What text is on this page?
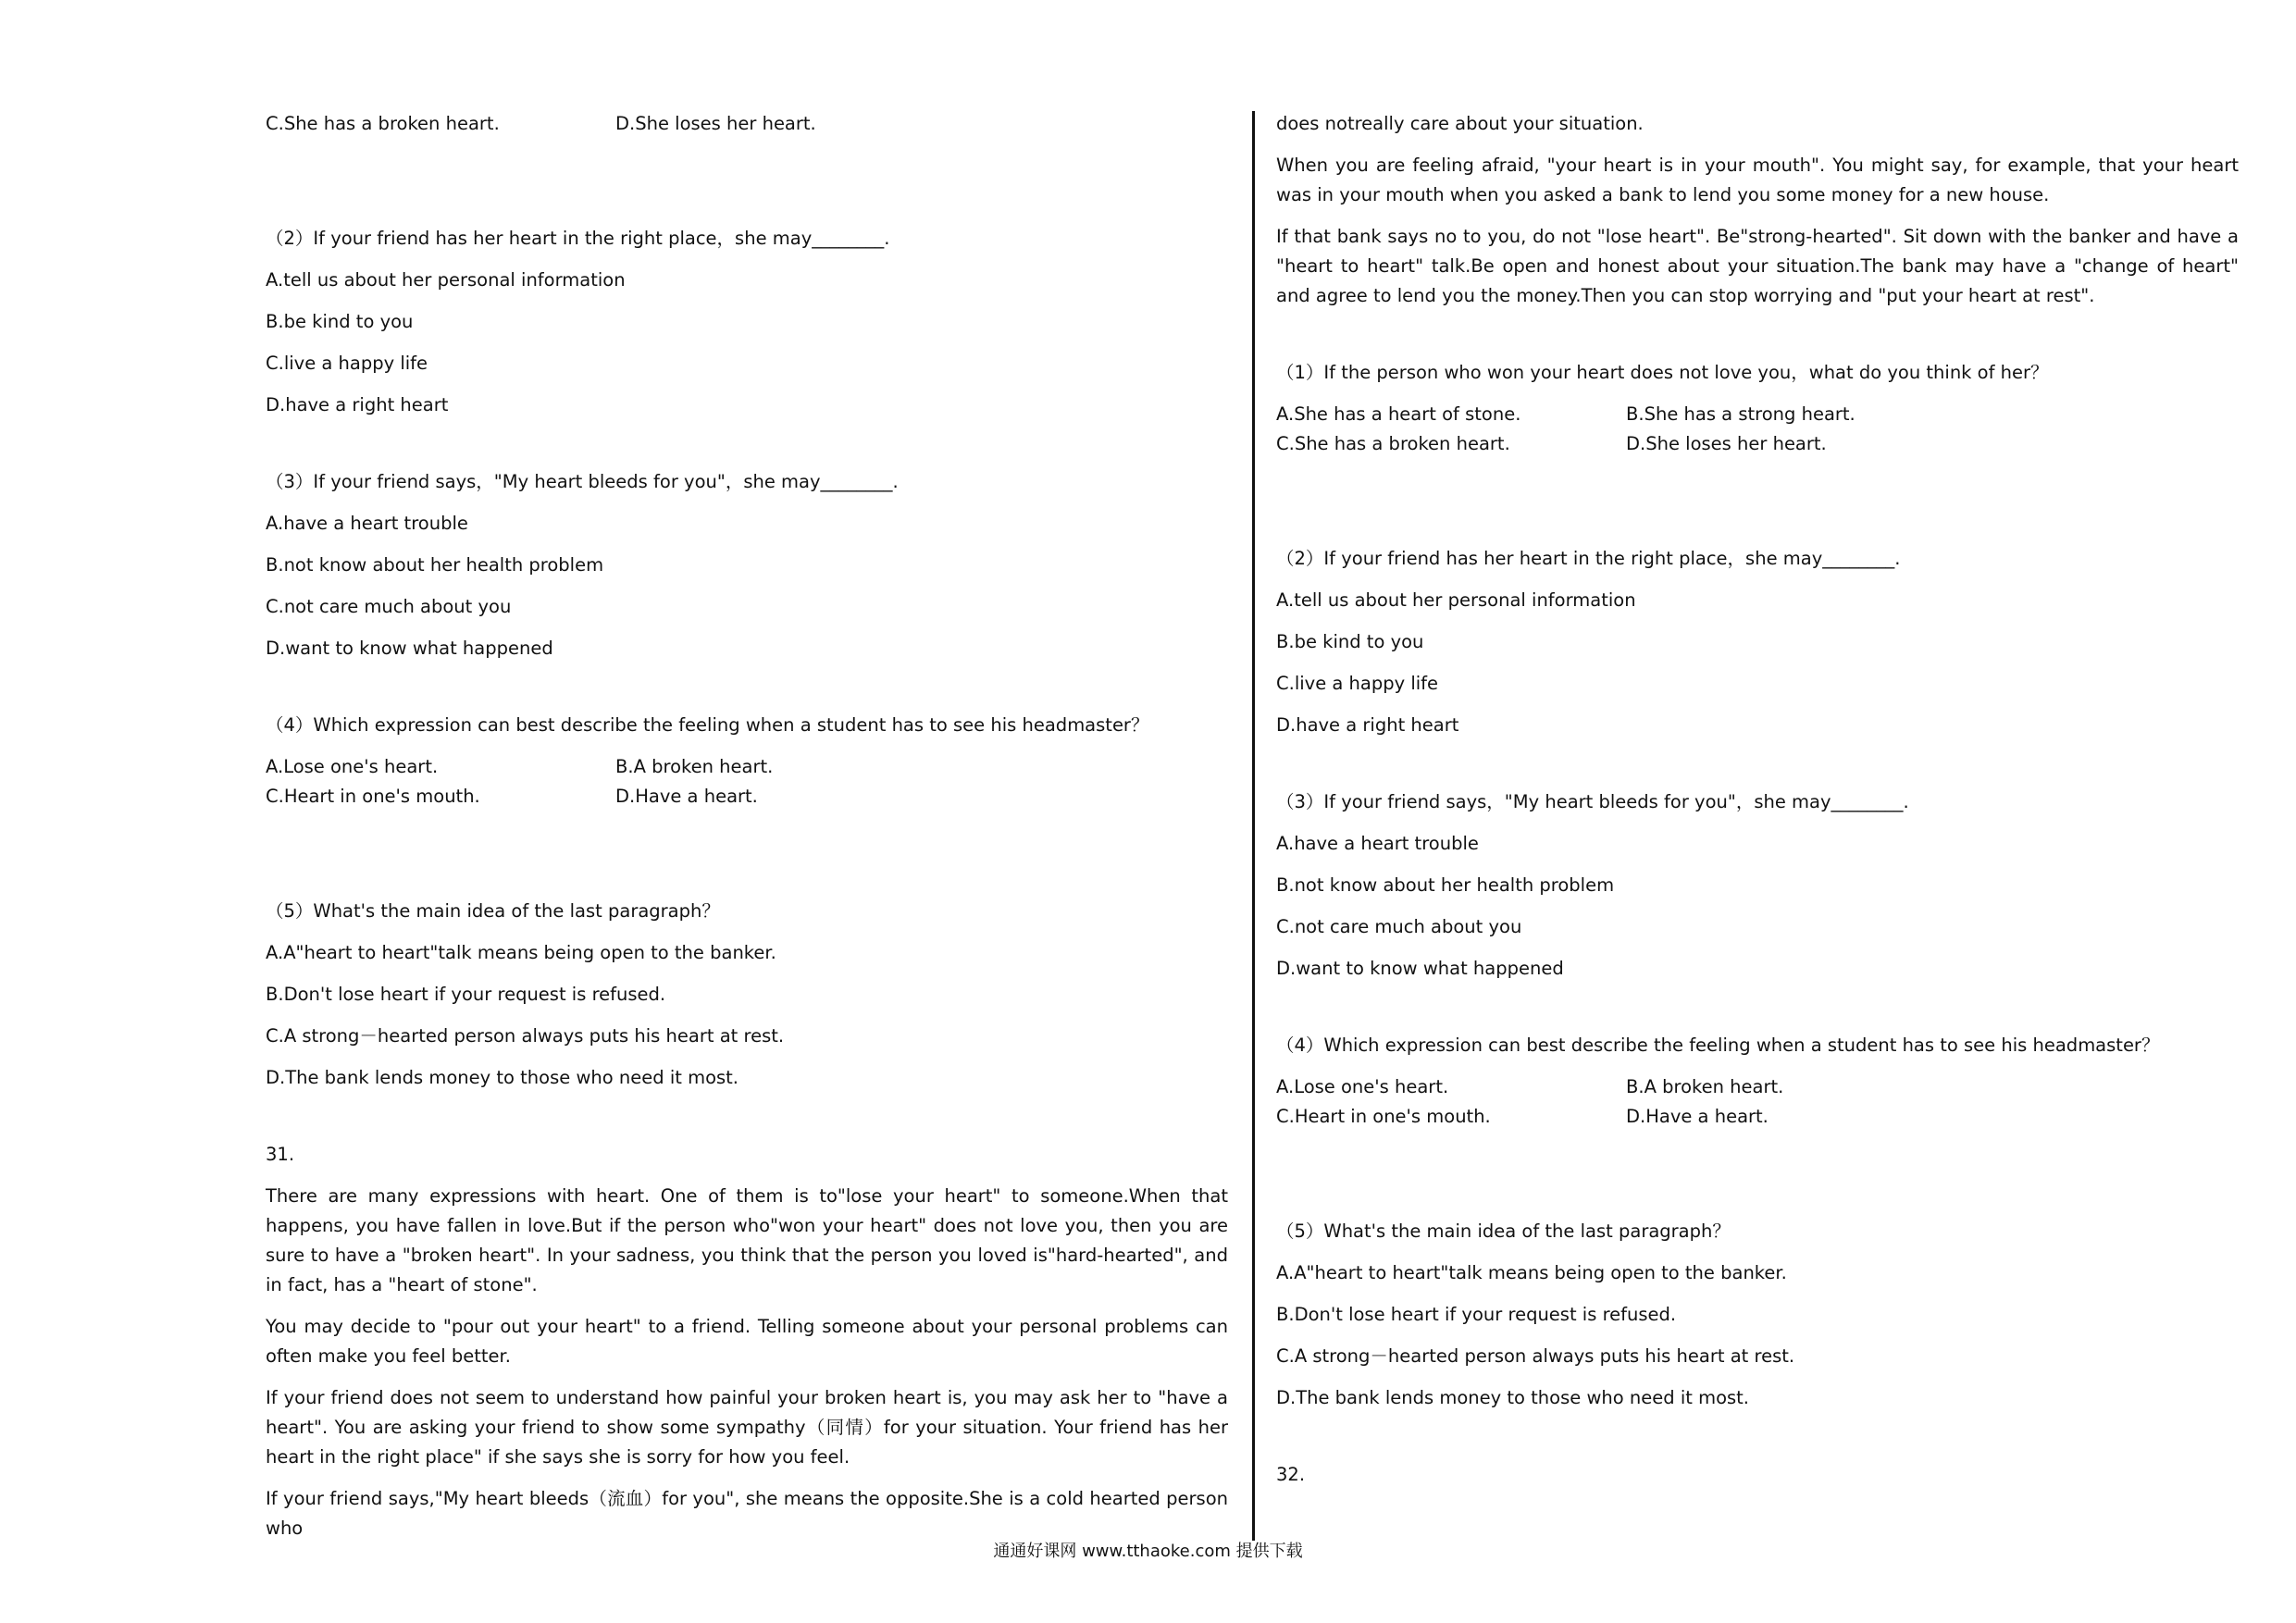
C.She has a broken heart.	D.She loses her heart.

（2）If your friend has her heart in the right place，she may________.

A.tell us about her personal information

B.be kind to you

C.live a happy life

D.have a right heart

（3）If your friend says，"My heart bleeds for you"，she may________.

A.have a heart trouble

B.not know about her health problem

C.not care much about you

D.want to know what happened

（4）Which expression can best describe the feeling when a student has to see his headmaster？

A.Lose one's heart.	B.A broken heart.
C.Heart in one's mouth.	D.Have a heart.

（5）What's the main idea of the last paragraph？

A.A"heart to heart"talk means being open to the banker.

B.Don't lose heart if your request is refused.

C.A strong－hearted person always puts his heart at rest.

D.The bank lends money to those who need it most.

31.

There are many expressions with heart. One of them is to"lose your heart" to someone.When that happens, you have fallen in love.But if the person who"won your heart" does not love you, then you are sure to have a "broken heart". In your sadness, you think that the person you loved is"hard-hearted", and in fact, has a "heart of stone".

You may decide to "pour out your heart" to a friend. Telling someone about your personal problems can often make you feel better.

If your friend does not seem to understand how painful your broken heart is, you may ask her to "have a heart". You are asking your friend to show some sympathy（同情）for your situation. Your friend has her heart in the right place" if she says she is sorry for how you feel.

If your friend says,"My heart bleeds（流血）for you", she means the opposite.She is a cold hearted person who

does notreally care about your situation.

When you are feeling afraid, "your heart is in your mouth". You might say, for example, that your heart was in your mouth when you asked a bank to lend you some money for a new house.

If that bank says no to you, do not "lose heart". Be"strong-hearted". Sit down with the banker and have a "heart to heart" talk.Be open and honest about your situation.The bank may have a "change of heart" and agree to lend you the money.Then you can stop worrying and "put your heart at rest".

（1）If the person who won your heart does not love you，what do you think of her？

A.She has a heart of stone.	B.She has a strong heart.
C.She has a broken heart.	D.She loses her heart.

（2）If your friend has her heart in the right place，she may________.

A.tell us about her personal information

B.be kind to you

C.live a happy life

D.have a right heart

（3）If your friend says，"My heart bleeds for you"，she may________.

A.have a heart trouble

B.not know about her health problem

C.not care much about you

D.want to know what happened

（4）Which expression can best describe the feeling when a student has to see his headmaster？

A.Lose one's heart.	B.A broken heart.
C.Heart in one's mouth.	D.Have a heart.

（5）What's the main idea of the last paragraph？

A.A"heart to heart"talk means being open to the banker.

B.Don't lose heart if your request is refused.

C.A strong－hearted person always puts his heart at rest.

D.The bank lends money to those who need it most.

32.

通通好课网 www.tthaoke.com 提供下载
